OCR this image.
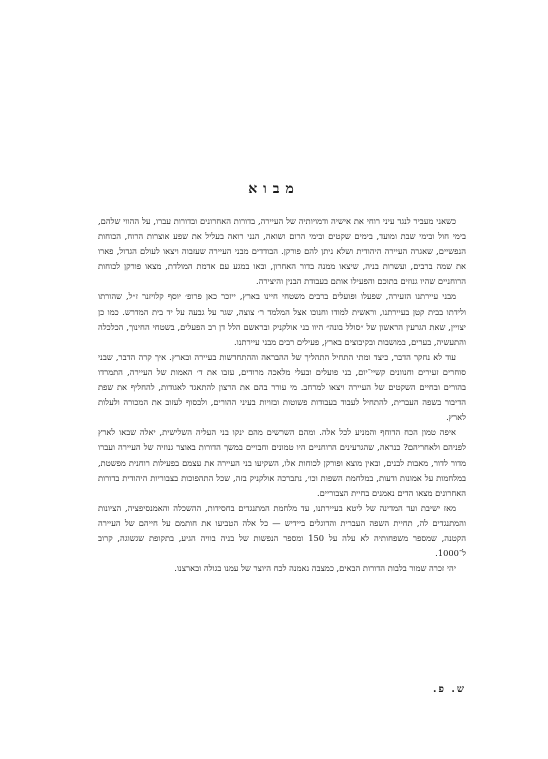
מבוא

כשאני מעביר לנגד עיני רוחי את אישיה ודמויותיה של העיירה, בדורות האחרונים ובדורות עברו, על ההווי שלהם, בימי חול ובימי שבת ומועד, בימים שקטים ובימי הרום ושואה, הנני רואה בעליל את שפע אוצרות הרוח, הכוחות הנפשיים, שאגרה העיירה היהודית ושלא ניתן להם פורקן. הבודדים מבני העיירה שעזבוה ויצאו לעולם הגדול, פארו את שמה ברבים, ועשרות בניה, שיצאו ממנה בדור האחרון, ובאו במגע עם אדמת המולדת, מצאו פורקן לכוחות הרוחניים שהיו גנוזים בתוכם והפעילו אותם בעבודת הבנין והיצירה.

מבני עיירתנו הזעירה, שפעלו ופועלים ברבים משטחי חיינו בארץ, ייזכר כאן פרופ׳ יוסף קלויזנר ז״ל, שהורתו ולידתו בבית קטן בעיירתנו, וראשית למודו וחנוכו אצל המלמד ר׳ צוצה, שגר על גבעה על יד בית המדרש. כמו כן יצויין, שאת הגרעין הראשון של ״סולל בונה״ היוו בני אולקניק ובראשם הלל דן רב הפעלים, בשטחי החינוך, הכלכלה והתעשיה, בערים, במושבות ובקיבוצים בארץ, פעילים רבים מבני עיירתנו.

עוד לא נחקר הדבר, כיצד ומתי התחיל התהליך של ההבראה וההתחדשות בעיירה ובארץ. איך קרה הדבר, שבני סוחרים זעירים וחנוונים קשיי־יום, בני פועלים ובעלי מלאכה מרודים, עזבו את ד׳ האמות של העיירה, התמרדו בהורים ובחיים השקטים של העיירה ויצאו למרחב. מי עורר בהם את הרצון להתאגד לאגודות, להחליף את שפת הדיבור בשפה העברית, להתחיל לעבוד בעבודות פשוטות ובזויות בעיני ההורים, ולבסוף לעזוב את המכורה ולעלות לארץ.

איפה טמון הכח הדוחף והמניע לכל אלה. ומהם השרשים מהם ינקו בני העליה השלישית, יאלה שבאו לארץ לפניהם ולאחריהם? כנראה, שהגרעינים הרוחניים היו טמונים וחבויים במשך הדורות באוצר גנוזיה של העיירה ועברו מדור לדור, מאבות לבנים, ובאין מוצא ופורקן לכוחות אלו, השקיעו בני העיירה את עצמם בפעילות רוחנית מפשטת, במלחמות על אמונות ודעות, במלחמת השפות וכו׳, נתברכה אולקניק בזה, שכל התהפוכות בצבוריות היהודית בדורות האחרונים מצאו הדים נאמנים בחיית הצבוריים.

מאז ישיבת ועד המדינה של ליטא בעיירתנו, עד מלחמת המתנגדים בחסידות, ההשכלה והאמנסיפציה, הציונות והמתנגדים לה, תחיית השפה העברית והדוגלים ביידיש — כל אלה הטביעו את חותמם על חייהם של העיירה הקטנה, שמספר משפחותיה לא עלה על 150 ומספר הנפשות של בניה בוויה הגיע, בתקופת שגשוגה, קרוב ל־1000.

יהי זכרה שמור בלבות הדורות הבאים, כמצבה נאמנה לכח היוצר של עמנו בגולה ובארצנו.

ש. פ.
